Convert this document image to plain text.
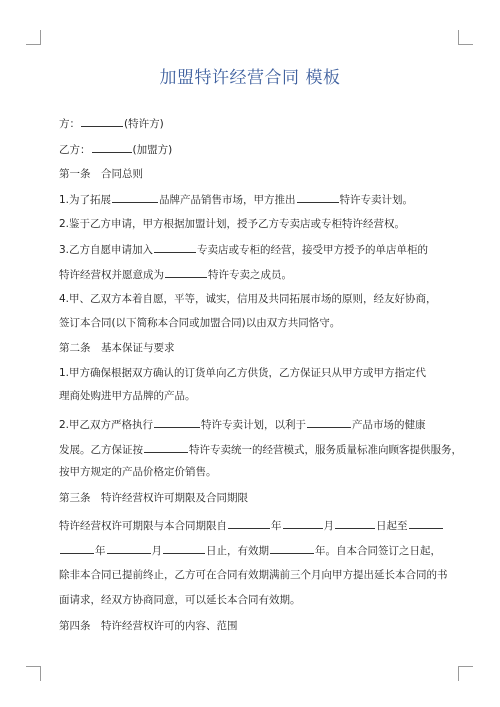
加盟特许经营合同 模板
方：	(特许方)
乙方：	(加盟方)
第一条　合同总则
1.为了拓展	品牌产品销售市场，甲方推出	特许专卖计划。
2.鉴于乙方申请，甲方根据加盟计划，授予乙方专卖店或专柜特许经营权。
3.乙方自愿申请加入	专卖店或专柜的经营，接受甲方授予的单店单柜的
特许经营权并愿意成为	特许专卖之成员。
4.甲、乙双方本着自愿，平等，诚实，信用及共同拓展市场的原则，经友好协商，
签订本合同(以下简称本合同或加盟合同)以由双方共同恪守。
第二条　基本保证与要求
1.甲方确保根据双方确认的订货单向乙方供货，乙方保证只从甲方或甲方指定代
理商处购进甲方品牌的产品。
2.甲乙双方严格执行	特许专卖计划，以利于	产品市场的健康
发展。乙方保证按	特许专卖统一的经营模式，服务质量标准向顾客提供服务，
按甲方规定的产品价格定价销售。
第三条　特许经营权许可期限及合同期限
特许经营权许可期限与本合同期限自	年	月	日起至
年	月	日止，有效期	年。自本合同签订之日起，
除非本合同已提前终止，乙方可在合同有效期满前三个月向甲方提出延长本合同的书
面请求，经双方协商同意，可以延长本合同有效期。
第四条　特许经营权许可的内容、范围
